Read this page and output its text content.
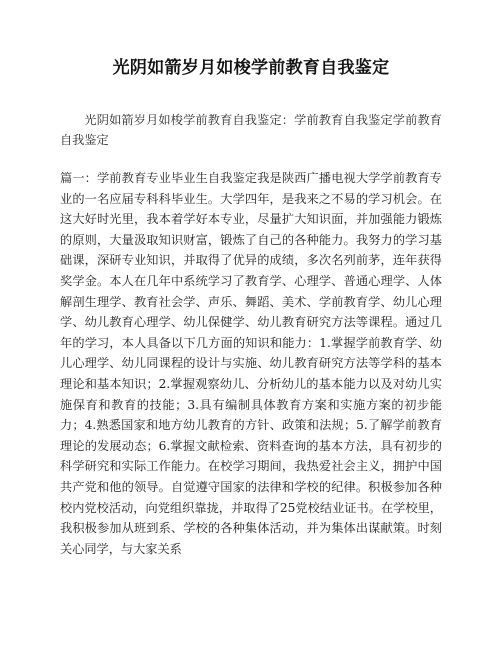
光阴如箭岁月如梭学前教育自我鉴定

光阴如箭岁月如梭学前教育自我鉴定：学前教育自我鉴定学前教育自我鉴定

篇一：学前教育专业毕业生自我鉴定我是陕西广播电视大学学前教育专业的一名应届专科科毕业生。大学四年，是我来之不易的学习机会。在这大好时光里，我本着学好本专业，尽量扩大知识面，并加强能力锻炼的原则，大量汲取知识财富，锻炼了自己的各种能力。我努力的学习基础课，深研专业知识，并取得了优异的成绩，多次名列前茅，连年获得奖学金。本人在几年中系统学习了教育学、心理学、普通心理学、人体解剖生理学、教育社会学、声乐、舞蹈、美术、学前教育学、幼儿心理学、幼儿教育心理学、幼儿保健学、幼儿教育研究方法等课程。通过几年的学习，本人具备以下几方面的知识和能力：1.掌握学前教育学、幼儿心理学、幼儿同课程的设计与实施、幼儿教育研究方法等学科的基本理论和基本知识；2.掌握观察幼儿、分析幼儿的基本能力以及对幼儿实施保育和教育的技能；3.具有编制具体教育方案和实施方案的初步能力；4.熟悉国家和地方幼儿教育的方针、政策和法规；5.了解学前教育理论的发展动态；6.掌握文献检索、资料查询的基本方法，具有初步的科学研究和实际工作能力。在校学习期间，我热爱社会主义，拥护中国共产党和他的领导。自觉遵守国家的法律和学校的纪律。积极参加各种校内党校活动，向党组织靠拢，并取得了25党校结业证书。在学校里，我积极参加从班到系、学校的各种集体活动，并为集体出谋献策。时刻关心同学，与大家关系
